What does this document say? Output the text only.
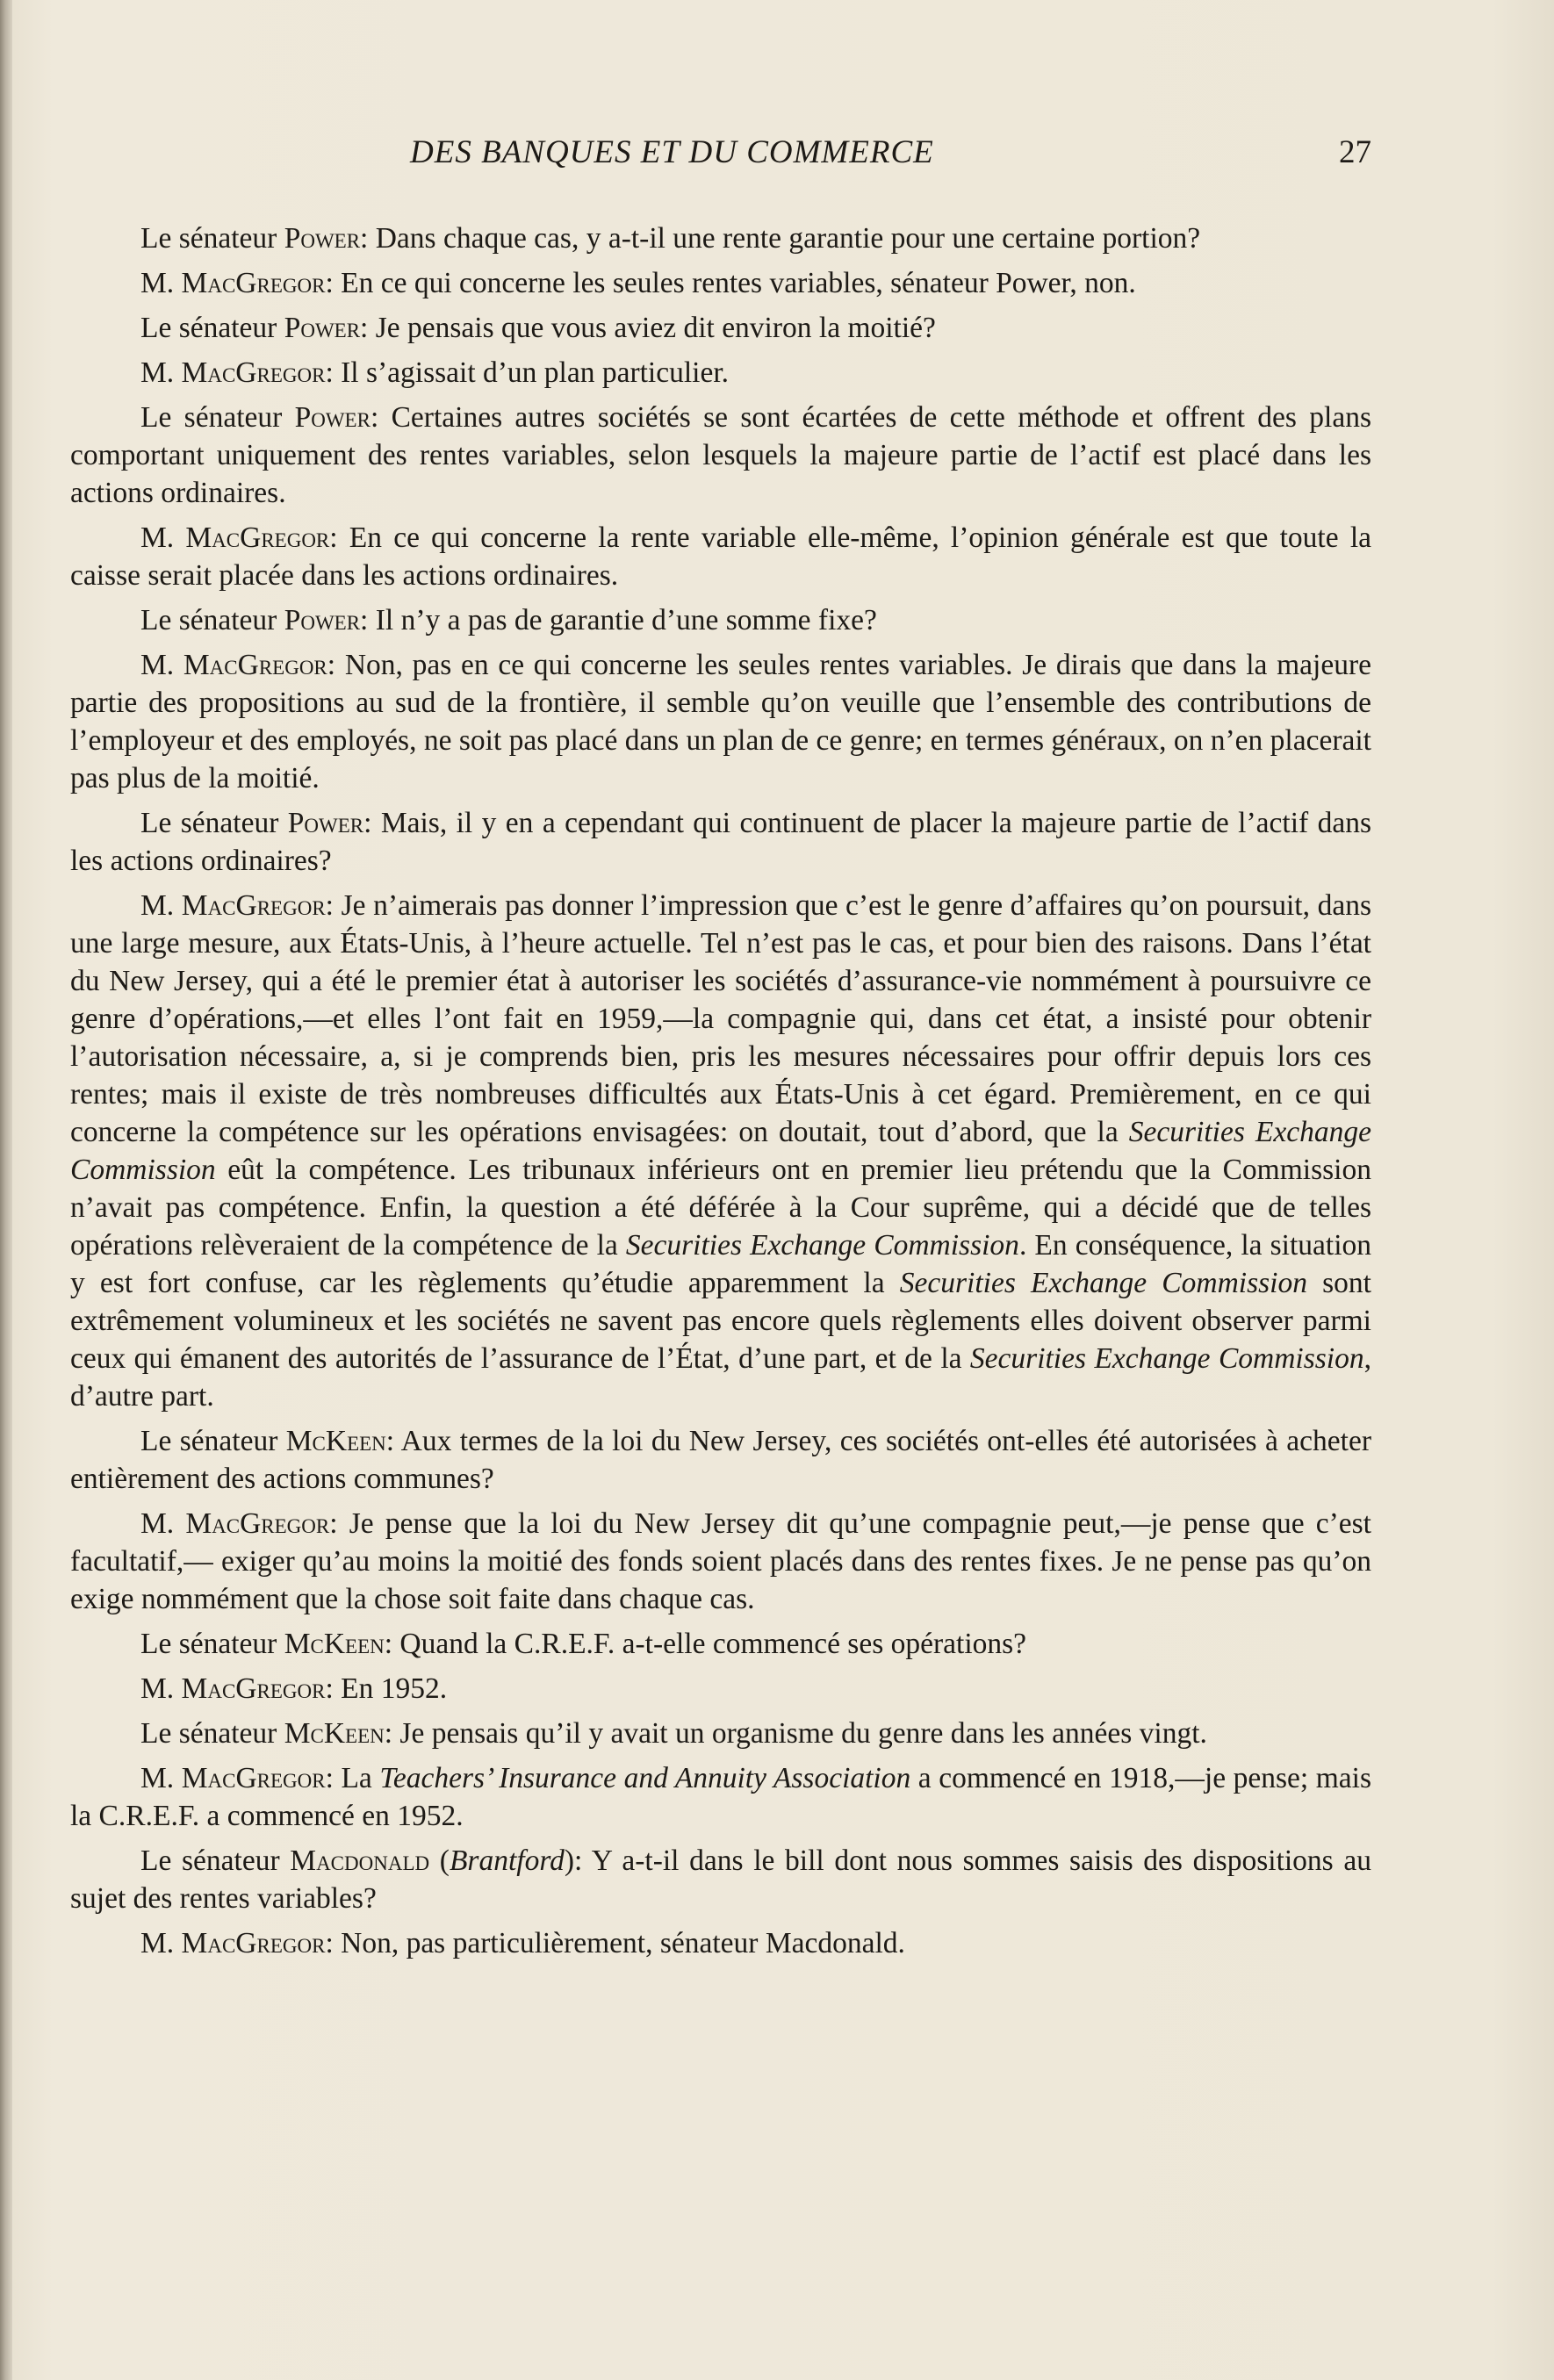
DES BANQUES ET DU COMMERCE	27

Le sénateur Power: Dans chaque cas, y a-t-il une rente garantie pour une certaine portion?

M. MacGregor: En ce qui concerne les seules rentes variables, sénateur Power, non.

Le sénateur Power: Je pensais que vous aviez dit environ la moitié?

M. MacGregor: Il s’agissait d’un plan particulier.

Le sénateur Power: Certaines autres sociétés se sont écartées de cette méthode et offrent des plans comportant uniquement des rentes variables, selon lesquels la majeure partie de l’actif est placé dans les actions ordinaires.

M. MacGregor: En ce qui concerne la rente variable elle-même, l’opinion générale est que toute la caisse serait placée dans les actions ordinaires.

Le sénateur Power: Il n’y a pas de garantie d’une somme fixe?

M. MacGregor: Non, pas en ce qui concerne les seules rentes variables. Je dirais que dans la majeure partie des propositions au sud de la frontière, il semble qu’on veuille que l’ensemble des contributions de l’employeur et des employés, ne soit pas placé dans un plan de ce genre; en termes généraux, on n’en placerait pas plus de la moitié.

Le sénateur Power: Mais, il y en a cependant qui continuent de placer la majeure partie de l’actif dans les actions ordinaires?

M. MacGregor: Je n’aimerais pas donner l’impression que c’est le genre d’affaires qu’on poursuit, dans une large mesure, aux États-Unis, à l’heure actuelle. Tel n’est pas le cas, et pour bien des raisons. Dans l’état du New Jersey, qui a été le premier état à autoriser les sociétés d’assurance-vie nommément à poursuivre ce genre d’opérations,—et elles l’ont fait en 1959,—la compagnie qui, dans cet état, a insisté pour obtenir l’autorisation nécessaire, a, si je comprends bien, pris les mesures nécessaires pour offrir depuis lors ces rentes; mais il existe de très nombreuses difficultés aux États-Unis à cet égard. Premièrement, en ce qui concerne la compétence sur les opérations envisagées: on doutait, tout d’abord, que la Securities Exchange Commission eût la compétence. Les tribunaux inférieurs ont en premier lieu prétendu que la Commission n’avait pas compétence. Enfin, la question a été déférée à la Cour suprême, qui a décidé que de telles opérations relèveraient de la compétence de la Securities Exchange Commission. En conséquence, la situation y est fort confuse, car les règlements qu’étudie apparemment la Securities Exchange Commission sont extrêmement volumineux et les sociétés ne savent pas encore quels règlements elles doivent observer parmi ceux qui émanent des autorités de l’assurance de l’État, d’une part, et de la Securities Exchange Commission, d’autre part.

Le sénateur McKeen: Aux termes de la loi du New Jersey, ces sociétés ont-elles été autorisées à acheter entièrement des actions communes?

M. MacGregor: Je pense que la loi du New Jersey dit qu’une compagnie peut,—je pense que c’est facultatif,— exiger qu’au moins la moitié des fonds soient placés dans des rentes fixes. Je ne pense pas qu’on exige nommément que la chose soit faite dans chaque cas.

Le sénateur McKeen: Quand la C.R.E.F. a-t-elle commencé ses opérations?

M. MacGregor: En 1952.

Le sénateur McKeen: Je pensais qu’il y avait un organisme du genre dans les années vingt.

M. MacGregor: La Teachers’ Insurance and Annuity Association a commencé en 1918,—je pense; mais la C.R.E.F. a commencé en 1952.

Le sénateur Macdonald (Brantford): Y a-t-il dans le bill dont nous sommes saisis des dispositions au sujet des rentes variables?

M. MacGregor: Non, pas particulièrement, sénateur Macdonald.
